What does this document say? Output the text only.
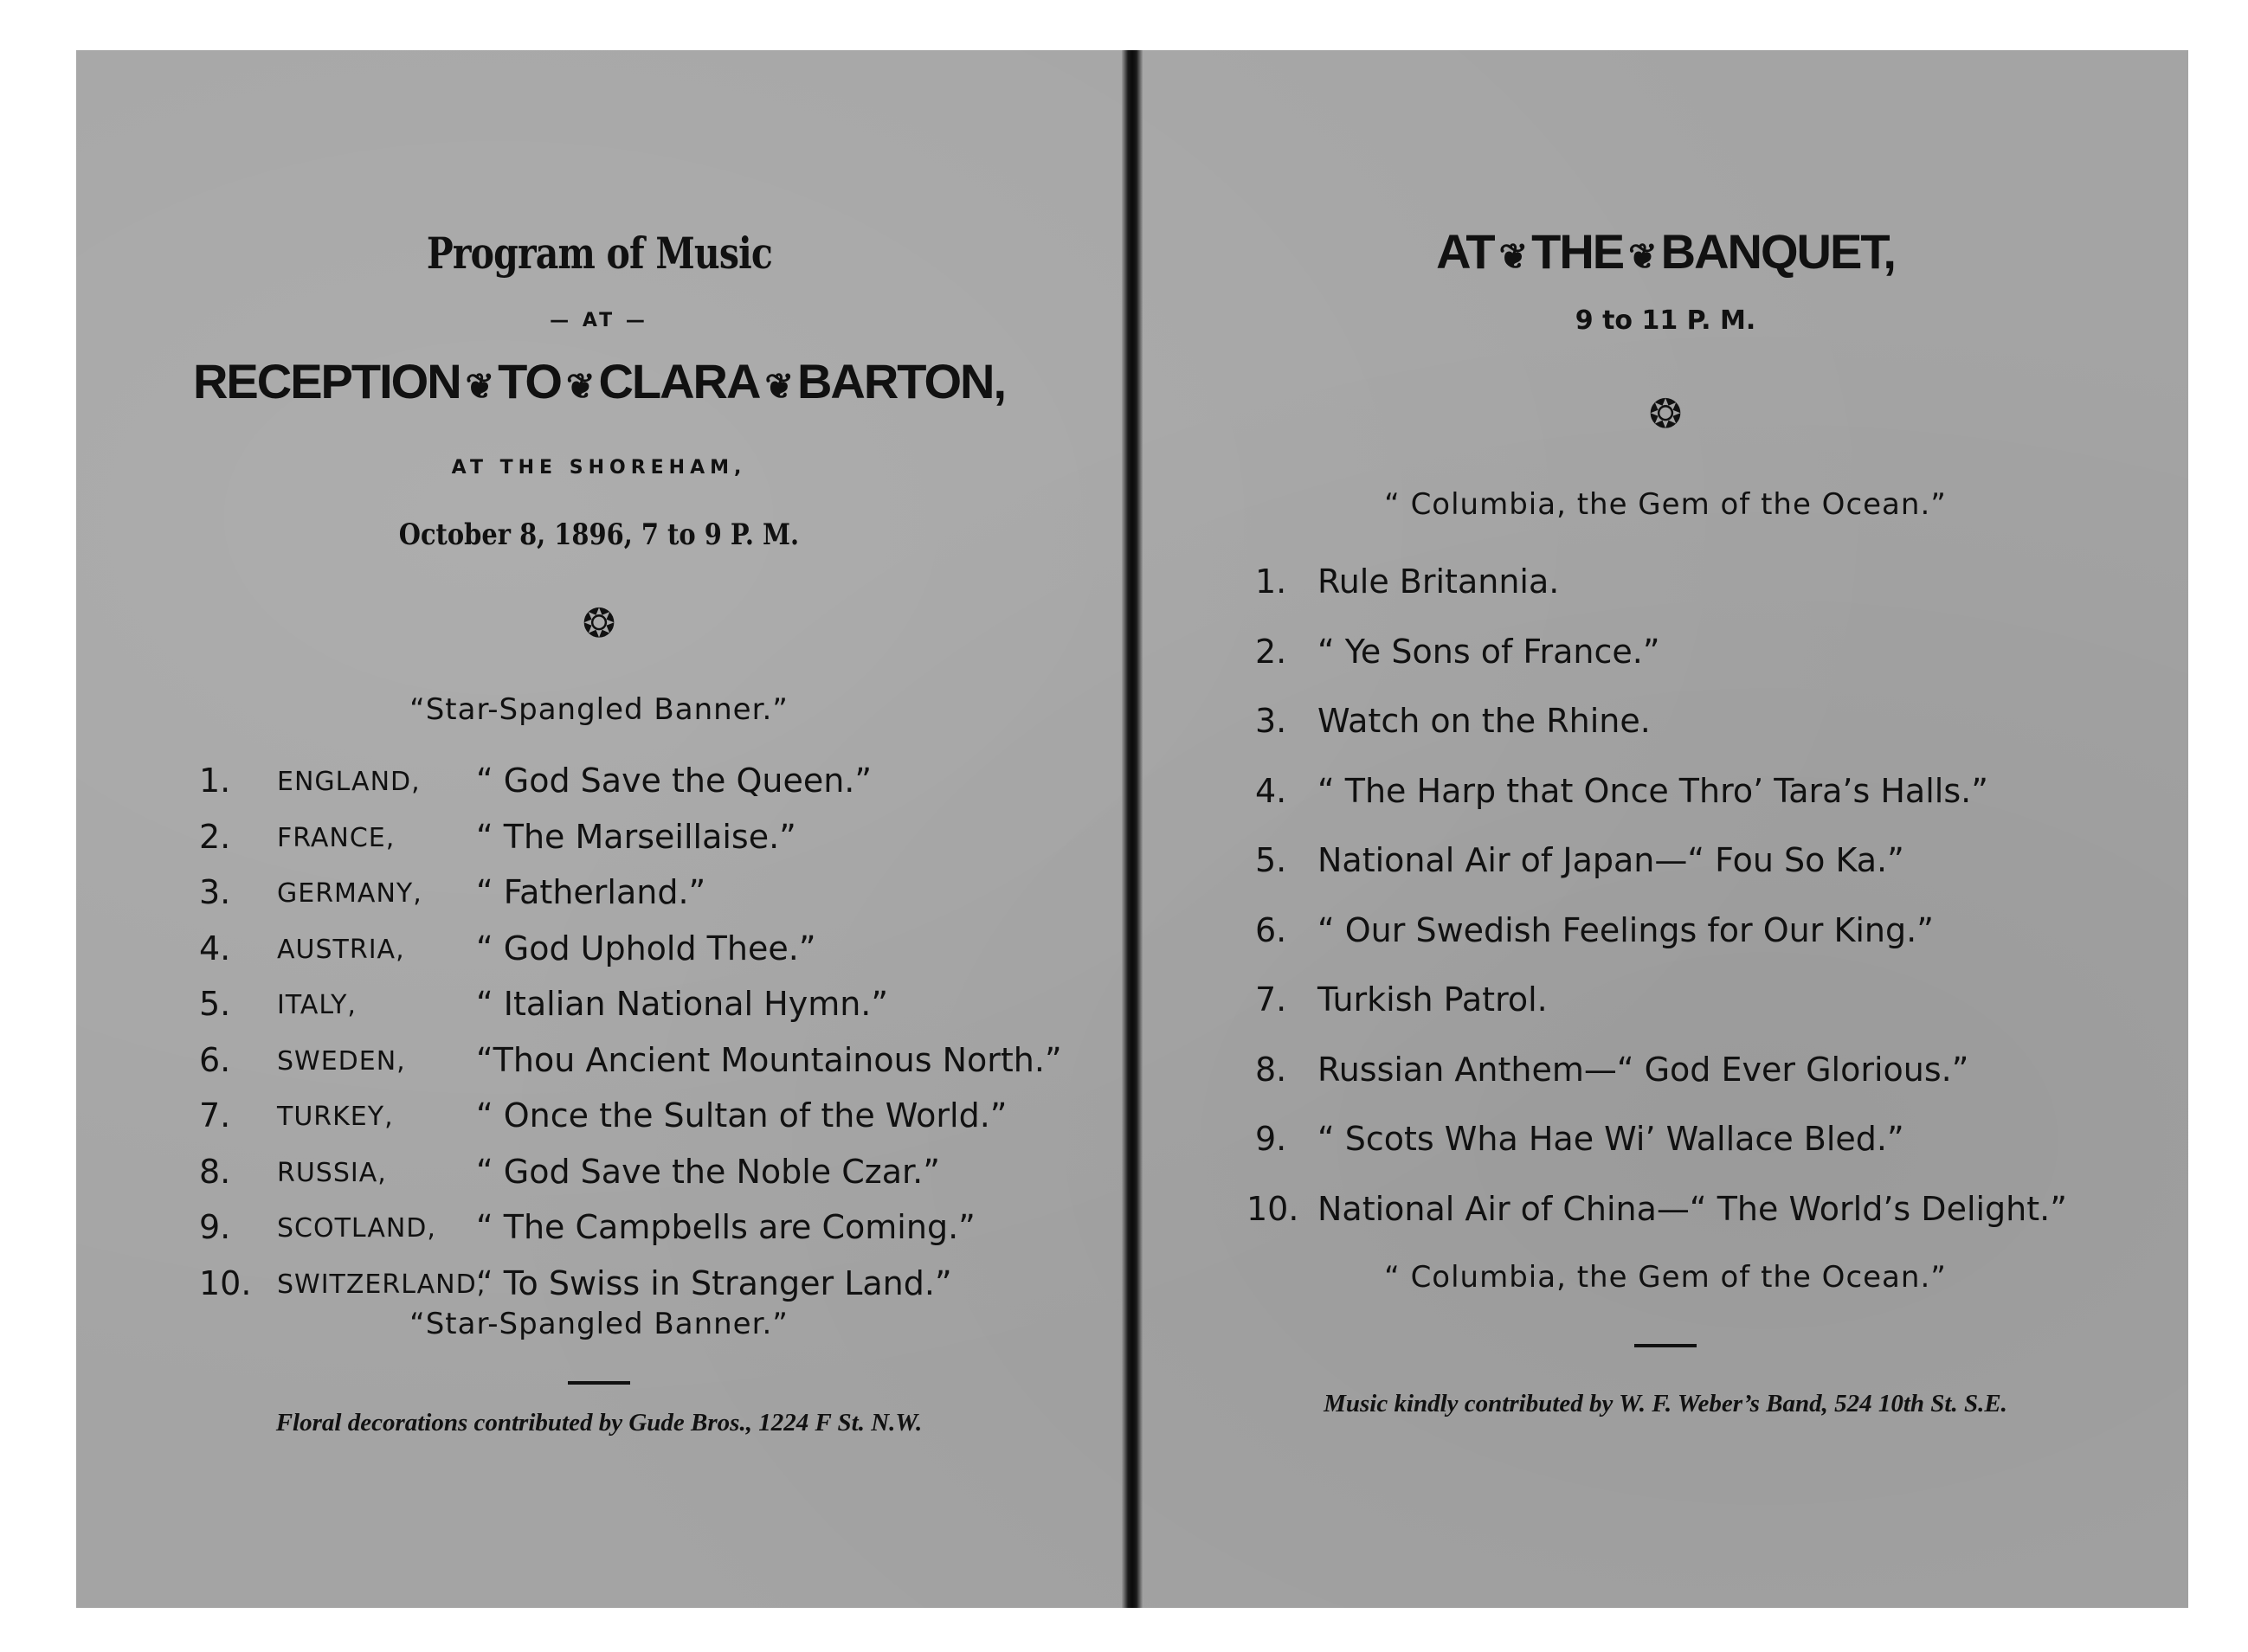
Program of Music
— AT —
RECEPTION ❦ TO ❦ CLARA ❦ BARTON,
AT THE SHOREHAM,
October 8, 1896, 7 to 9 P. M.
❂
“Star-Spangled Banner.”
1. ENGLAND, “ God Save the Queen.”
2. FRANCE, “ The Marseillaise.”
3. GERMANY, “ Fatherland.”
4. AUSTRIA, “ God Uphold Thee.”
5. ITALY,	“ Italian National Hymn.”
6. SWEDEN, “Thou Ancient Mountainous North.”
7. TURKEY,	“ Once the Sultan of the World.”
8. RUSSIA,	“ God Save the Noble Czar.”
9. SCOTLAND, “ The Campbells are Coming.”
10. SWITZERLAND,
“ To Swiss in Stranger Land.”
“Star-Spangled Banner.”
Floral decorations contributed by Gude Bros., 1224 F St. N.W.
AT ❦ THE ❦ BANQUET,
9 to 11 P. M.
❂
“ Columbia, the Gem of the Ocean.”
1. Rule Britannia.
2. “ Ye Sons of France.”
3. Watch on the Rhine.
4. “ The Harp that Once Thro’ Tara’s Halls.”
5. National Air of Japan—“ Fou So Ka.”
6. “ Our Swedish Feelings for Our King.”
7. Turkish Patrol.
8. Russian Anthem—“ God Ever Glorious.”
9. “ Scots Wha Hae Wi’ Wallace Bled.”
10. National Air of China—“ The World’s Delight.”
“ Columbia, the Gem of the Ocean.”
Music kindly contributed by W. F. Weber’s Band, 524 10th St. S.E.
